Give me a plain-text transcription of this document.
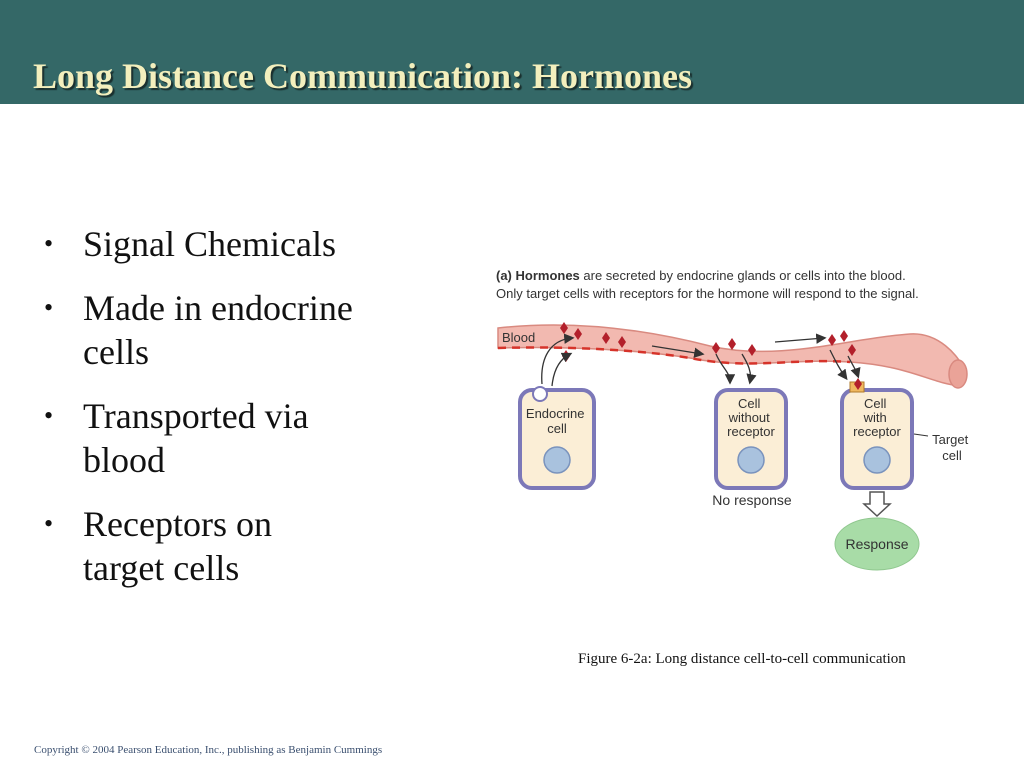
Long Distance Communication: Hormones
• Signal Chemicals
• Made in endocrine
cells
• Transported via
blood
• Receptors on
target cells
(a) Hormones are secreted by endocrine glands or cells into the blood.
Only target cells with receptors for the hormone will respond to the signal.
Blood
Endocrine cell
Cell without receptor
No response
Cell with receptor
Target cell
Response
Figure 6-2a: Long distance cell-to-cell communication
Copyright © 2004 Pearson Education, Inc., publishing as Benjamin Cummings
